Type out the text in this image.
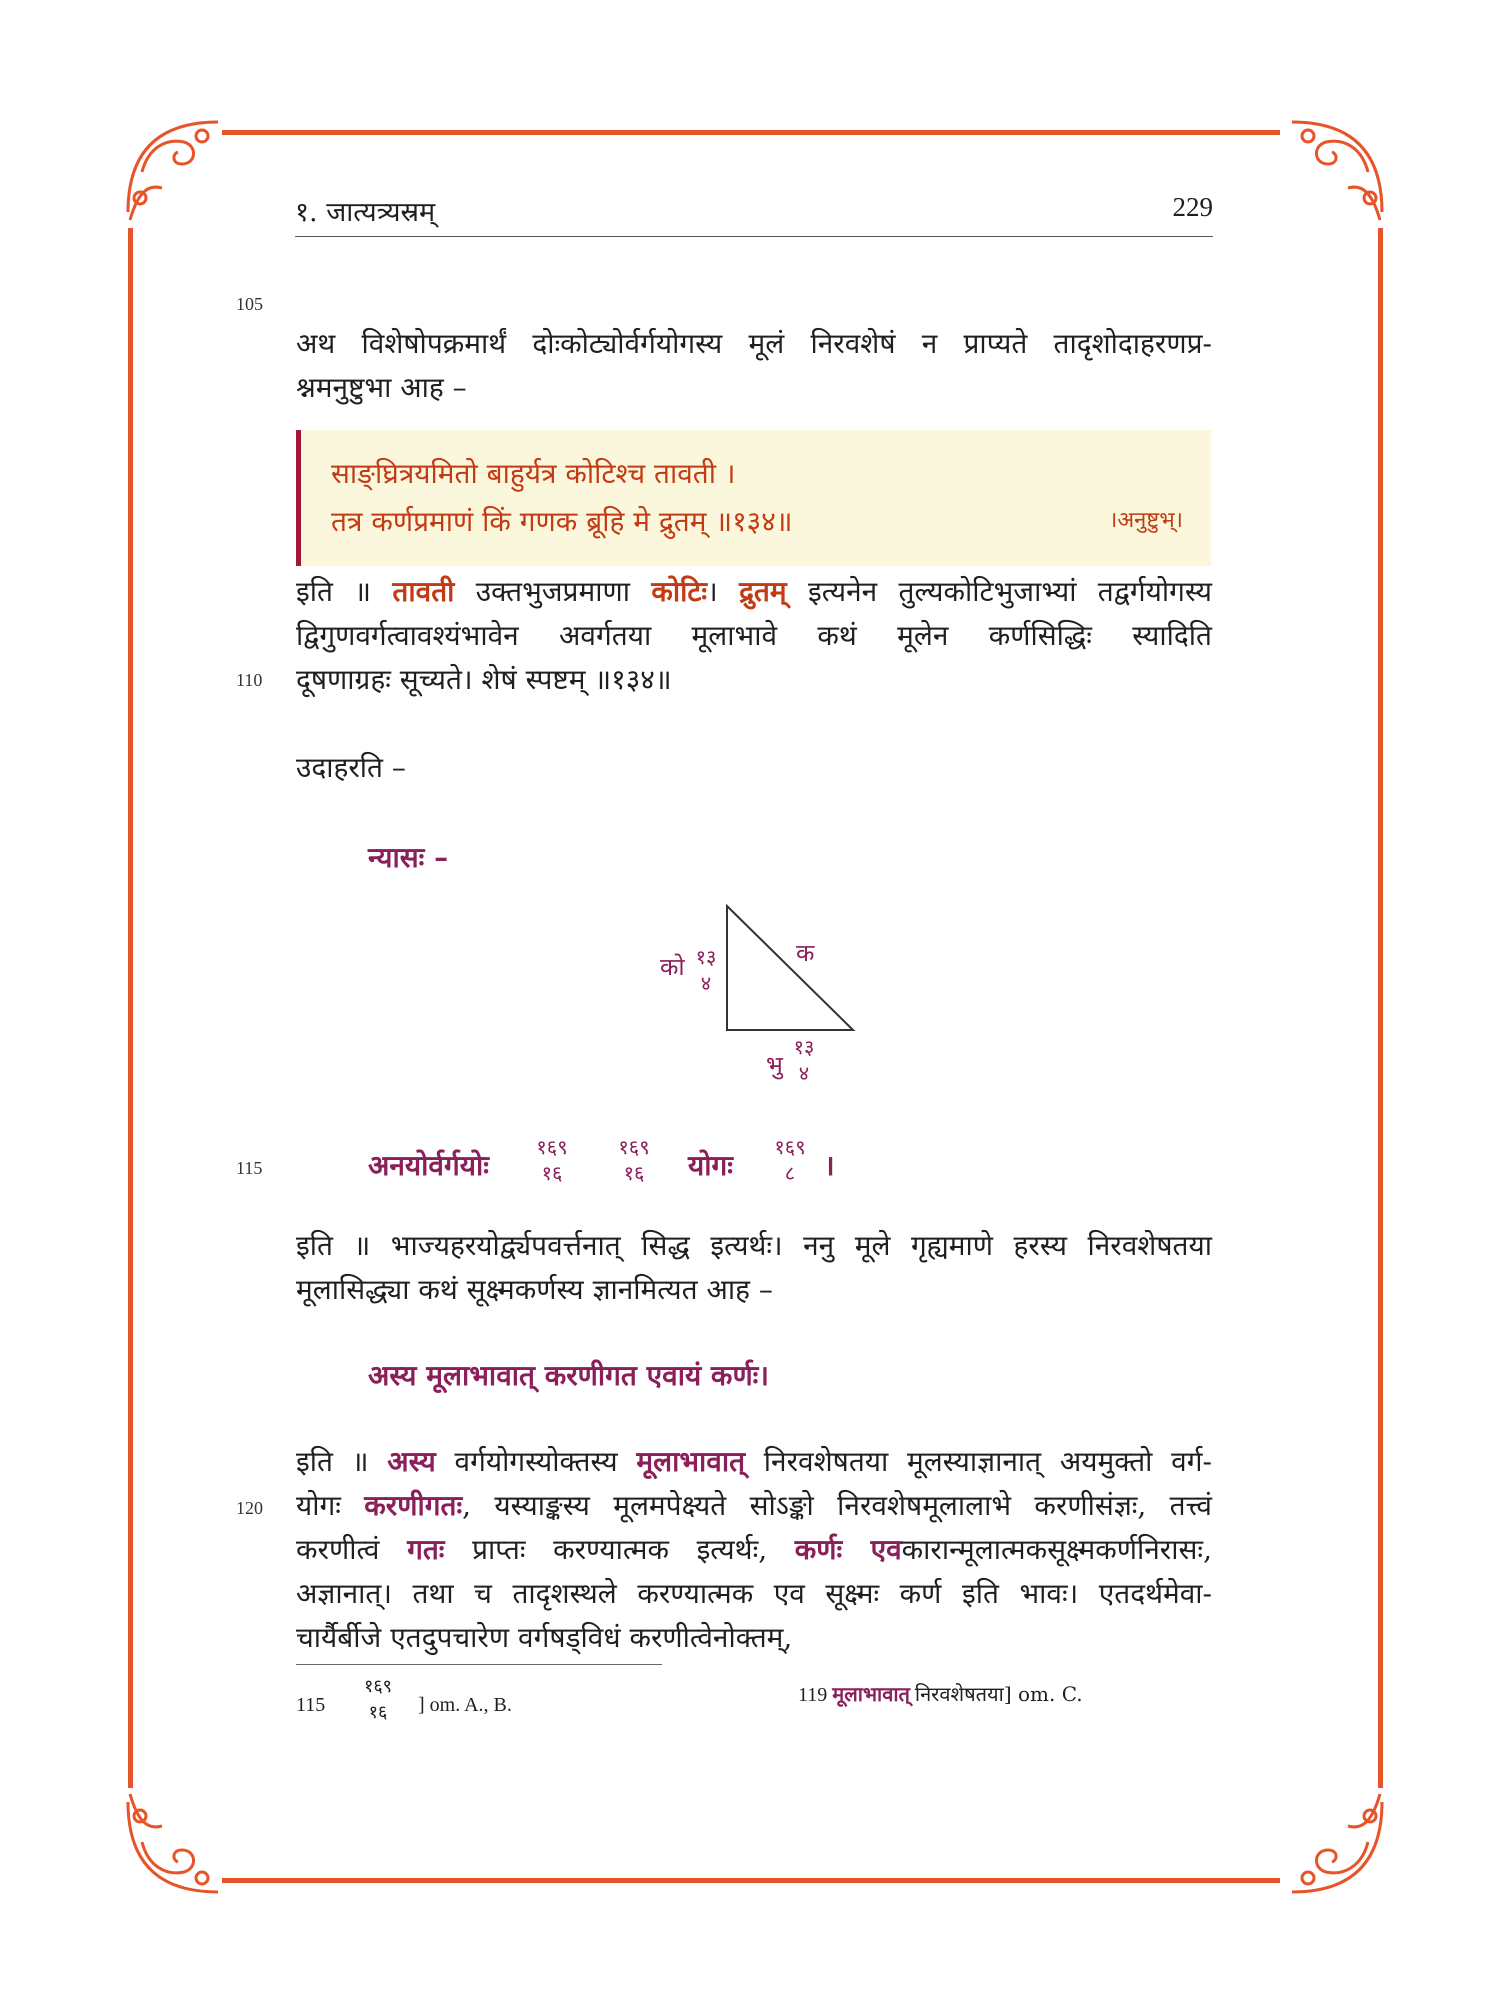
१. जात्यत्र्यस्रम्	229
105
110
115
120
अथ विशेषोपक्रमार्थं दोःकोट्योर्वर्गयोगस्य मूलं निरवशेषं न प्राप्यते तादृशोदाहरणप्र-
श्नमनुष्टुभा आह –
साङ्घ्रित्रयमितो बाहुर्यत्र कोटिश्च तावती ।
तत्र कर्णप्रमाणं किं गणक ब्रूहि मे द्रुतम् ॥१३४॥	।अनुष्टुभ्।
इति ॥ तावती उक्तभुजप्रमाणा कोटिः। द्रुतम् इत्यनेन तुल्यकोटिभुजाभ्यां तद्वर्गयोगस्य
द्विगुणवर्गत्वावश्यंभावेन अवर्गतया मूलाभावे कथं मूलेन कर्णसिद्धिः स्यादिति
दूषणाग्रहः सूच्यते। शेषं स्पष्टम् ॥१३४॥
उदाहरति –
न्यासः –
को १३
४
क
भु
१३
४
अनयोर्वर्गयोः
१६९
१६
१६९
१६	योगः
१६९
८	।
इति ॥ भाज्यहरयोर्द्व्यपवर्त्तनात् सिद्ध इत्यर्थः। ननु मूले गृह्यमाणे हरस्य निरवशेषतया
मूलासिद्ध्या कथं सूक्ष्मकर्णस्य ज्ञानमित्यत आह –
अस्य मूलाभावात् करणीगत एवायं कर्णः।
इति ॥ अस्य वर्गयोगस्योक्तस्य मूलाभावात् निरवशेषतया मूलस्याज्ञानात् अयमुक्तो वर्ग-
योगः करणीगतः, यस्याङ्कस्य मूलमपेक्ष्यते सोऽङ्को निरवशेषमूलालाभे करणीसंज्ञः, तत्त्वं
करणीत्वं गतः प्राप्तः करण्यात्मक इत्यर्थः, कर्णः एवकारान्मूलात्मकसूक्ष्मकर्णनिरासः,
अज्ञानात्। तथा च तादृशस्थले करण्यात्मक एव सूक्ष्मः कर्ण इति भावः। एतदर्थमेवा-
चार्यैर्बीजे एतदुपचारेण वर्गषड्विधं करणीत्वेनोक्तम्,
115
१६९
१६	] om. A., B.	119 मूलाभावात् निरवशेषतया] om. C.
